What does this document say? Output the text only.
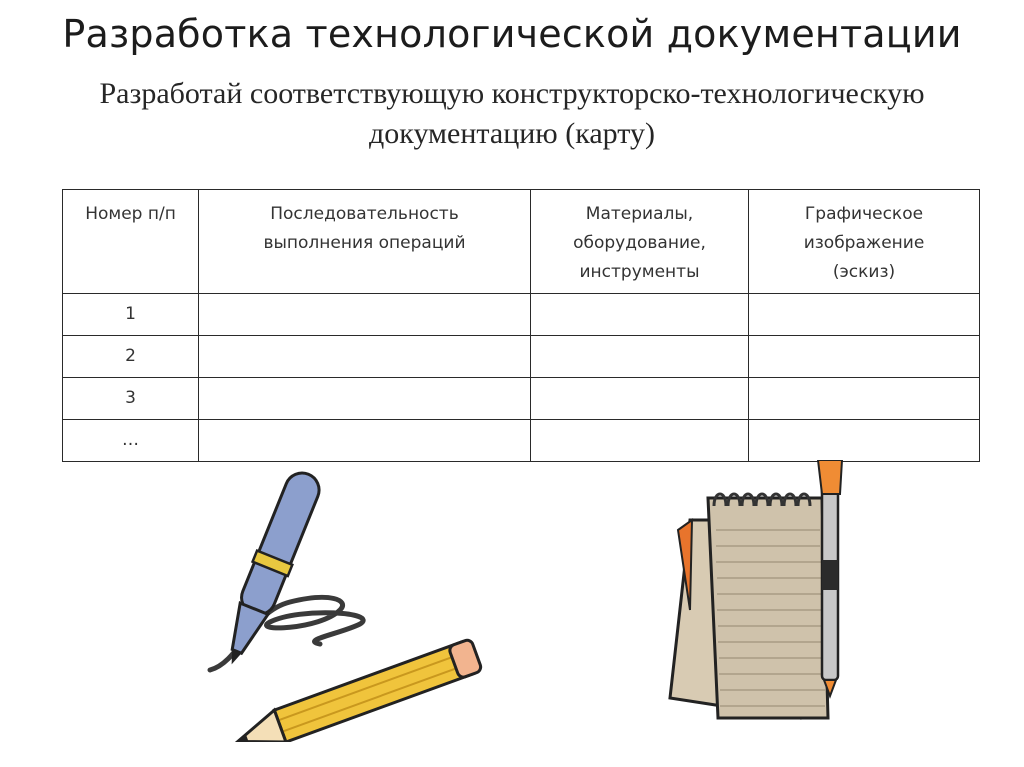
Разработка технологической документации
Разработай соответствующую конструкторско-технологическую документацию (карту)
Номер п/п	Последовательность выполнения операций	Материалы, оборудование, инструменты	Графическое изображение (эскиз)
1			
2			
3			
…			
